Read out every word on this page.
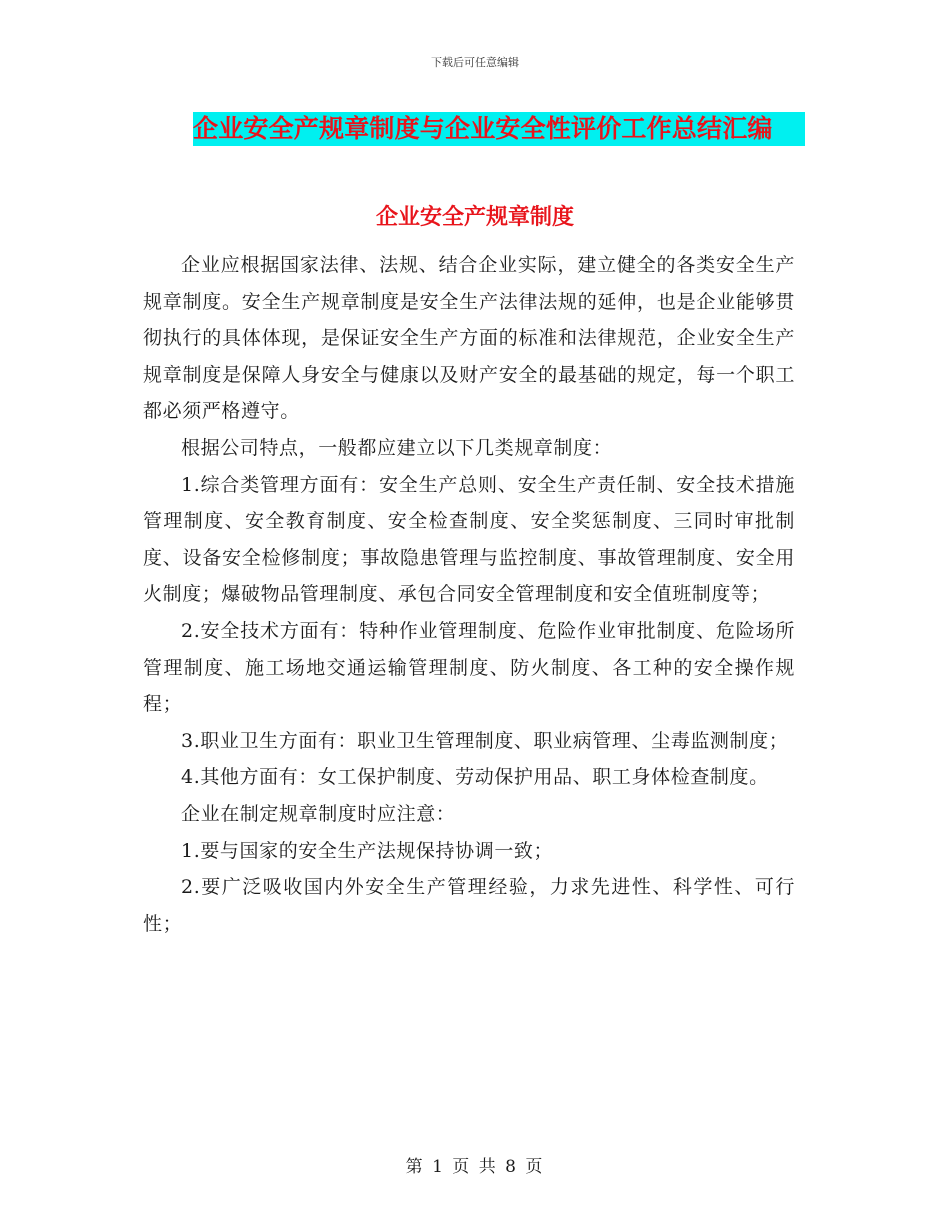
下载后可任意编辑
企业安全产规章制度与企业安全性评价工作总结汇编
企业安全产规章制度

企业应根据国家法律、法规、结合企业实际，建立健全的各类安全生产规章制度。安全生产规章制度是安全生产法律法规的延伸，也是企业能够贯彻执行的具体体现，是保证安全生产方面的标准和法律规范，企业安全生产规章制度是保障人身安全与健康以及财产安全的最基础的规定，每一个职工都必须严格遵守。

根据公司特点，一般都应建立以下几类规章制度：

1.综合类管理方面有：安全生产总则、安全生产责任制、安全技术措施管理制度、安全教育制度、安全检查制度、安全奖惩制度、三同时审批制度、设备安全检修制度；事故隐患管理与监控制度、事故管理制度、安全用火制度；爆破物品管理制度、承包合同安全管理制度和安全值班制度等；

2.安全技术方面有：特种作业管理制度、危险作业审批制度、危险场所管理制度、施工场地交通运输管理制度、防火制度、各工种的安全操作规程；

3.职业卫生方面有：职业卫生管理制度、职业病管理、尘毒监测制度；

4.其他方面有：女工保护制度、劳动保护用品、职工身体检查制度。

企业在制定规章制度时应注意：

1.要与国家的安全生产法规保持协调一致；

2.要广泛吸收国内外安全生产管理经验，力求先进性、科学性、可行性；

第 1 页 共 8 页
